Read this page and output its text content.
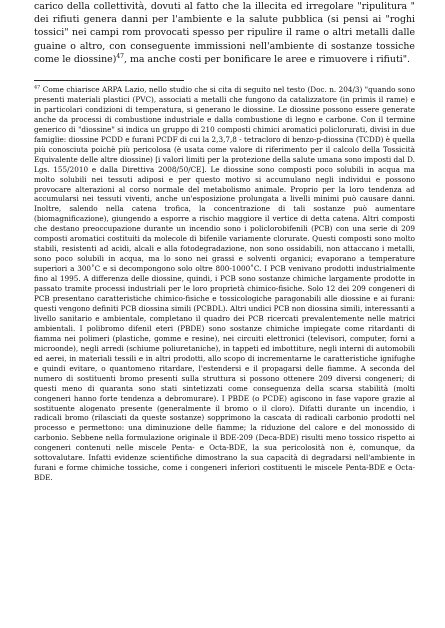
carico della collettività, dovuti al fatto che la illecita ed irregolare "ripulitura " dei rifiuti genera danni per l'ambiente e la salute pubblica (si pensi ai "roghi tossici" nei campi rom provocati spesso per ripulire il rame o altri metalli dalle guaine o altro, con conseguente immissioni nell'ambiente di sostanze tossiche come le diossine)$^{47}$, ma anche costi per bonificare le aree e rimuovere i rifiuti".

$^{47}$ Come chiarisce ARPA Lazio, nello studio che si cita di seguito nel testo (Doc. n. 204/3) "quando sono presenti materiali plastici (PVC), associati a metalli che fungono da catalizzatore (in primis il rame) e in particolari condizioni di temperatura, si generano le diossine. Le diossine possono essere generate anche da processi di combustione industriale e dalla combustione di legno e carbone. Con il termine generico di "diossine" si indica un gruppo di 210 composti chimici aromatici policlorurati, divisi in due famiglie: diossine PCDD e furani PCDF di cui la 2,3,7,8 - tetracloro di benzo-p-diossina (TCDD) è quella più conosciuta poichè più pericolosa (è usata come valore di riferimento per il calcolo della Tossicità Equivalente delle altre diossine) [i valori limiti per la protezione della salute umana sono imposti dal D. Lgs. 155/2010 e dalla Direttiva 2008/50/CE]. Le diossine sono composti poco solubili in acqua ma molto solubili nei tessuti adiposi e per questo motivo si accumulano negli individui e possono provocare alterazioni al corso normale del metabolismo animale. Proprio per la loro tendenza ad accumularsi nei tessuti viventi, anche un'esposizione prolungata a livelli minimi può causare danni. Inoltre, salendo nella catena trofica, la concentrazione di tali sostanze può aumentare (biomagnificazione), giungendo a esporre a rischio maggiore il vertice di detta catena. Altri composti che destano preoccupazione durante un incendio sono i policlorobifenili (PCB) con una serie di 209 composti aromatici costituiti da molecole di bifenile variamente clorurate. Questi composti sono molto stabili, resistenti ad acidi, alcali e alla fotodegradazione, non sono ossidabili, non attaccano i metalli, sono poco solubili in acqua, ma lo sono nei grassi e solventi organici; evaporano a temperature superiori a 300˚C e si decompongono solo oltre 800-1000˚C. I PCB venivano prodotti industrialmente fino al 1995. A differenza delle diossine, quindi, i PCB sono sostanze chimiche largamente prodotte in passato tramite processi industriali per le loro proprietà chimico-fisiche. Solo 12 dei 209 congeneri di PCB presentano caratteristiche chimico-fisiche e tossicologiche paragonabili alle diossine e ai furani: questi vengono definiti PCB diossina simili (PCBDL). Altri undici PCB non diossina simili, interessanti a livello sanitario e ambientale, completano il quadro dei PCB ricercati prevalentemente nelle matrici ambientali. I polibromo difenil eteri (PBDE) sono sostanze chimiche impiegate come ritardanti di fiamma nei polimeri (plastiche, gomme e resine), nei circuiti elettronici (televisori, computer, forni a microonde), negli arredi (schiume poliuretaniche), in tappeti ed imbottiture, negli interni di automobili ed aerei, in materiali tessili e in altri prodotti, allo scopo di incrementarne le caratteristiche ignifughe e quindi evitare, o quantomeno ritardare, l'estendersi e il propagarsi delle fiamme. A seconda del numero di sostituenti bromo presenti sulla struttura si possono ottenere 209 diversi congeneri; di questi meno di quaranta sono stati sintetizzati come conseguenza della scarsa stabilità (molti congeneri hanno forte tendenza a debromurare). I PBDE (o PCDE) agiscono in fase vapore grazie al sostituente alogenato presente (generalmente il bromo o il cloro). Difatti durante un incendio, i radicali bromo (rilasciati da queste sostanze) sopprimono la cascata di radicali carbonio prodotti nel processo e permettono: una diminuzione delle fiamme; la riduzione del calore e del monossido di carbonio. Sebbene nella formulazione originale il BDE-209 (Deca-BDE) risulti meno tossico rispetto ai congeneri contenuti nelle miscele Penta- e Octa-BDE, la sua pericolosità non è, comunque, da sottovalutare. Infatti evidenze scientifiche dimostrano la sua capacità di degradarsi nell'ambiente in furani e forme chimiche tossiche, come i congeneri inferiori costituenti le miscele Penta-BDE e Octa-BDE.
